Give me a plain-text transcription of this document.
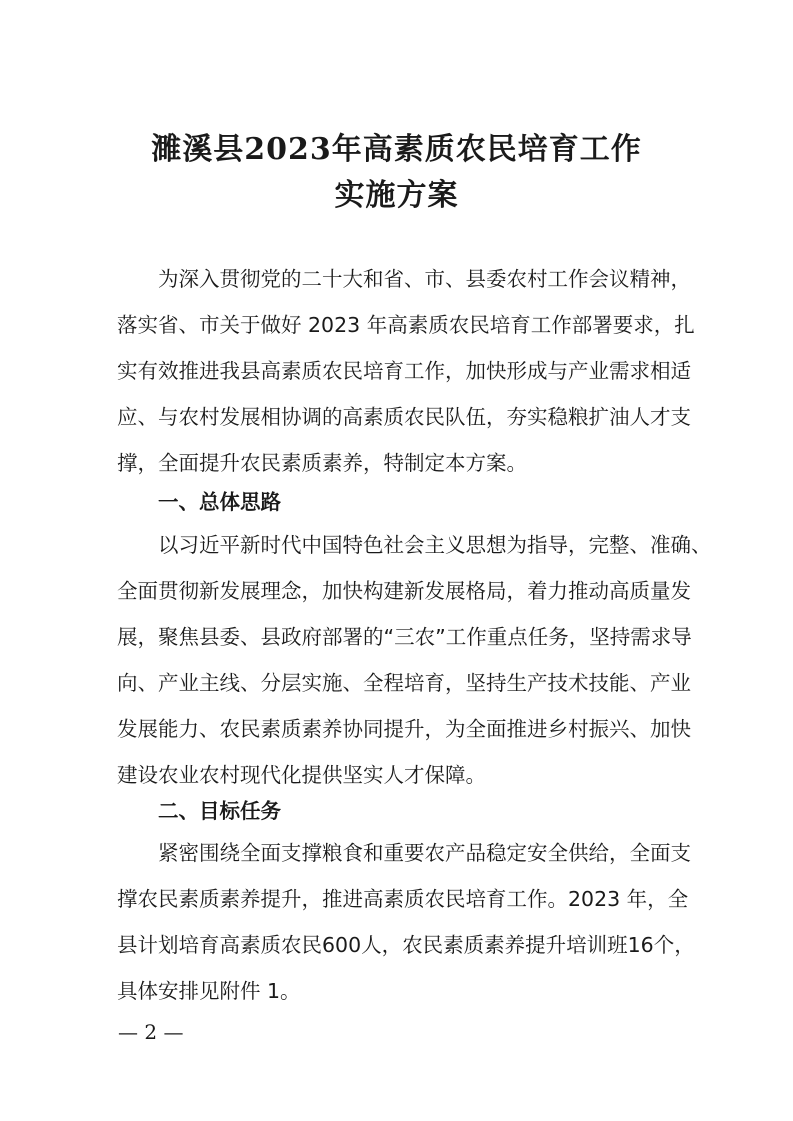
濉溪县2023年高素质农民培育工作
实施方案
为深入贯彻党的二十大和省、市、县委农村工作会议精神，
落实省、市关于做好 2023 年高素质农民培育工作部署要求，扎
实有效推进我县高素质农民培育工作，加快形成与产业需求相适
应、与农村发展相协调的高素质农民队伍，夯实稳粮扩油人才支
撑，全面提升农民素质素养，特制定本方案。
一、总体思路
以习近平新时代中国特色社会主义思想为指导，完整、准确、
全面贯彻新发展理念，加快构建新发展格局，着力推动高质量发
展，聚焦县委、县政府部署的“三农”工作重点任务，坚持需求导
向、产业主线、分层实施、全程培育，坚持生产技术技能、产业
发展能力、农民素质素养协同提升，为全面推进乡村振兴、加快
建设农业农村现代化提供坚实人才保障。
二、目标任务
紧密围绕全面支撑粮食和重要农产品稳定安全供给，全面支
撑农民素质素养提升，推进高素质农民培育工作。2023 年，全
县计划培育高素质农民600人，农民素质素养提升培训班16个，
具体安排见附件 1。
— 2 —
